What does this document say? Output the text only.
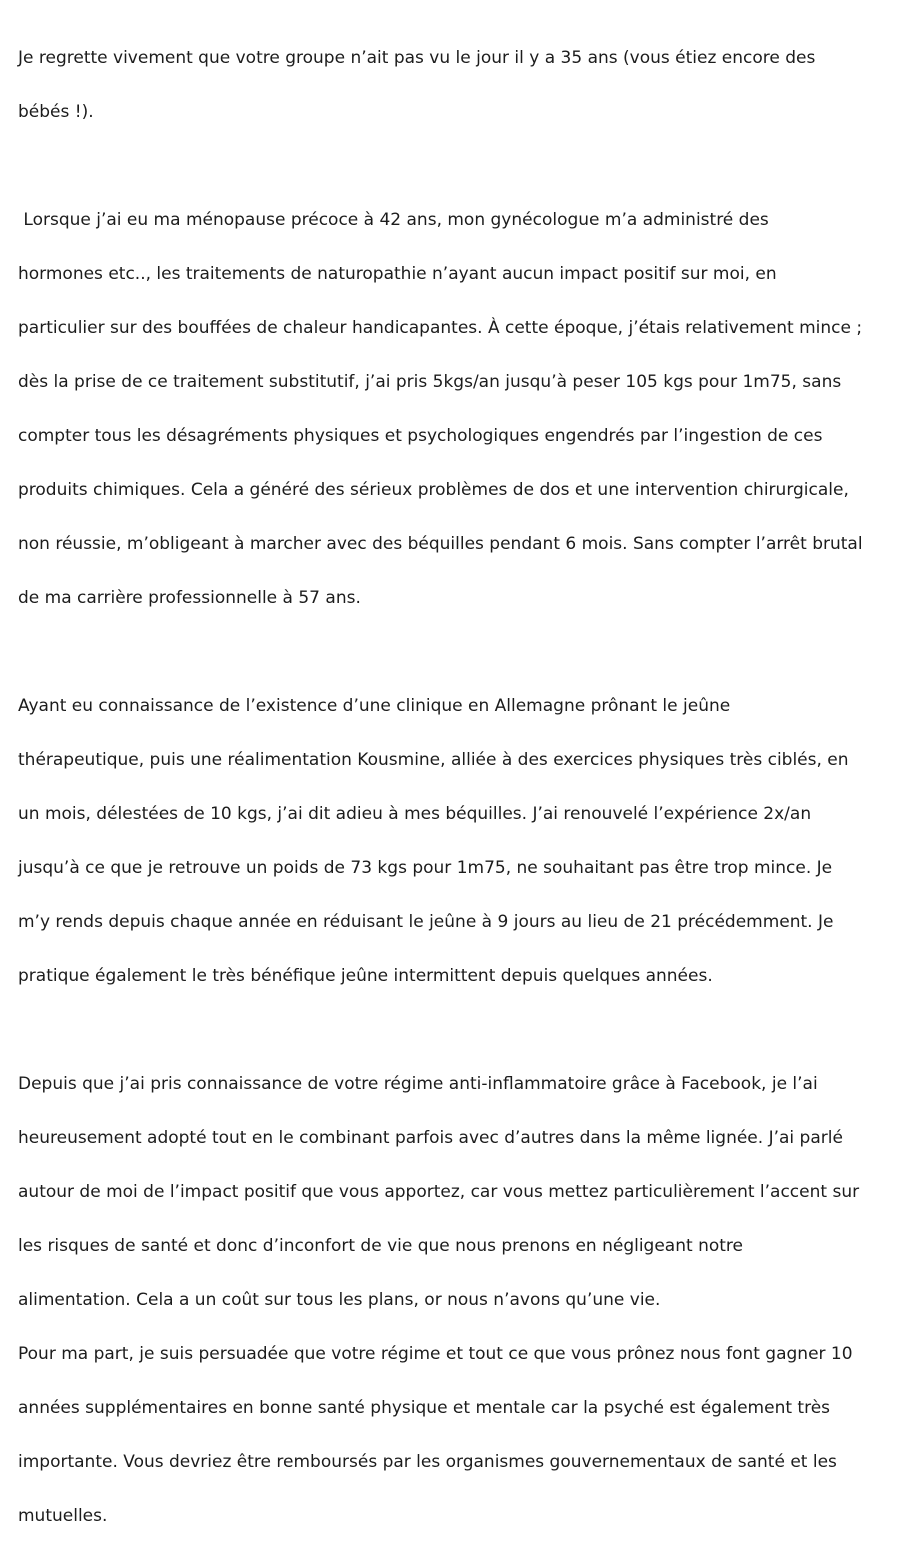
Je regrette vivement que votre groupe n’ait pas vu le jour il y a 35 ans (vous étiez encore des

bébés !).

Lorsque j’ai eu ma ménopause précoce à 42 ans, mon gynécologue m’a administré des

hormones etc.., les traitements de naturopathie n’ayant aucun impact positif sur moi, en

particulier sur des bouffées de chaleur handicapantes. À cette époque, j’étais relativement mince ;

dès la prise de ce traitement substitutif, j’ai pris 5kgs/an jusqu’à peser 105 kgs pour 1m75, sans

compter tous les désagréments physiques et psychologiques engendrés par l’ingestion de ces

produits chimiques. Cela a généré des sérieux problèmes de dos et une intervention chirurgicale,

non réussie, m’obligeant à marcher avec des béquilles pendant 6 mois. Sans compter l’arrêt brutal

de ma carrière professionnelle à 57 ans.

Ayant eu connaissance de l’existence d’une clinique en Allemagne prônant le jeûne

thérapeutique, puis une réalimentation Kousmine, alliée à des exercices physiques très ciblés, en

un mois, délestées de 10 kgs, j’ai dit adieu à mes béquilles. J’ai renouvelé l’expérience 2x/an

jusqu’à ce que je retrouve un poids de 73 kgs pour 1m75, ne souhaitant pas être trop mince. Je

m’y rends depuis chaque année en réduisant le jeûne à 9 jours au lieu de 21 précédemment. Je

pratique également le très bénéfique jeûne intermittent depuis quelques années.

Depuis que j’ai pris connaissance de votre régime anti-inflammatoire grâce à Facebook, je l’ai

heureusement adopté tout en le combinant parfois avec d’autres dans la même lignée. J’ai parlé

autour de moi de l’impact positif que vous apportez, car vous mettez particulièrement l’accent sur

les risques de santé et donc d’inconfort de vie que nous prenons en négligeant notre

alimentation. Cela a un coût sur tous les plans, or nous n’avons qu’une vie.

Pour ma part, je suis persuadée que votre régime et tout ce que vous prônez nous font gagner 10

années supplémentaires en bonne santé physique et mentale car la psyché est également très

importante. Vous devriez être remboursés par les organismes gouvernementaux de santé et les

mutuelles.
